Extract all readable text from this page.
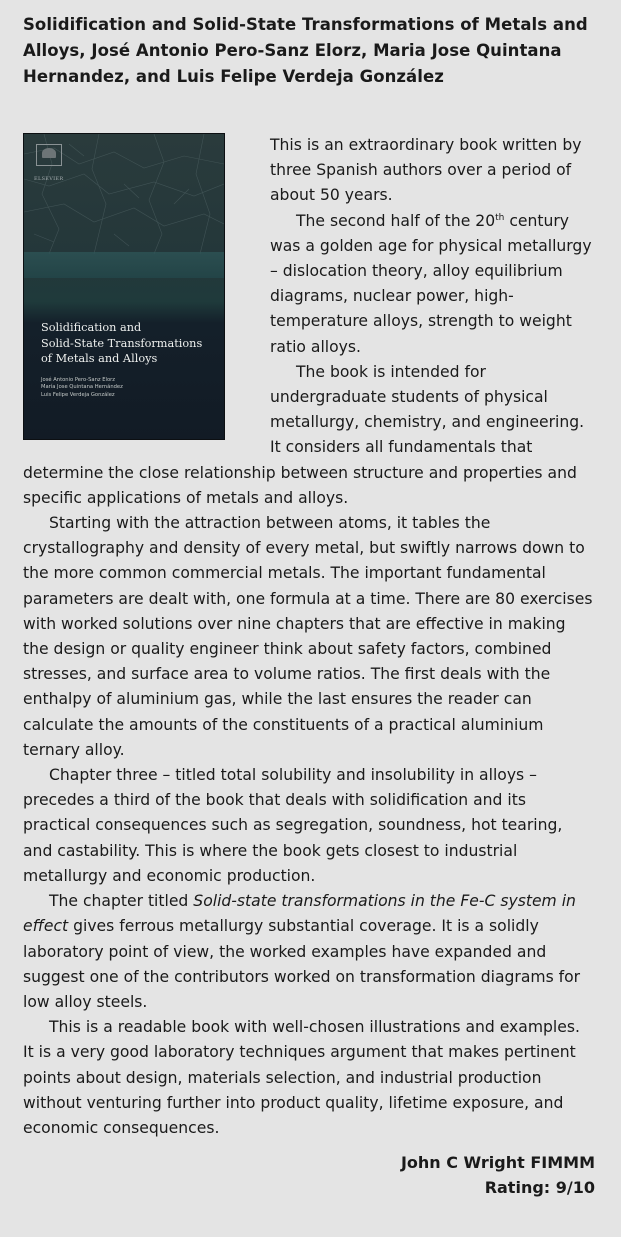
Solidification and Solid-State Transformations of Metals and Alloys, José Antonio Pero-Sanz Elorz, Maria Jose Quintana Hernandez, and Luis Felipe Verdeja González
ELSEVIER
Solidification and
Solid-State Transformations
of Metals and Alloys
José Antonio Pero-Sanz Elorz
María Jose Quintana Hernández
Luis Felipe Verdeja González

This is an extraordinary book written by three Spanish authors over a period of about 50 years.

The second half of the 20th century was a golden age for physical metallurgy – dislocation theory, alloy equilibrium diagrams, nuclear power, high-temperature alloys, strength to weight ratio alloys.

The book is intended for undergraduate students of physical metallurgy, chemistry, and engineering. It considers all fundamentals that determine the close relationship between structure and properties and specific applications of metals and alloys.

Starting with the attraction between atoms, it tables the crystallography and density of every metal, but swiftly narrows down to the more common commercial metals. The important fundamental parameters are dealt with, one formula at a time. There are 80 exercises with worked solutions over nine chapters that are effective in making the design or quality engineer think about safety factors, combined stresses, and surface area to volume ratios. The first deals with the enthalpy of aluminium gas, while the last ensures the reader can calculate the amounts of the constituents of a practical aluminium ternary alloy.

Chapter three – titled total solubility and insolubility in alloys – precedes a third of the book that deals with solidification and its practical consequences such as segregation, soundness, hot tearing, and castability. This is where the book gets closest to industrial metallurgy and economic production.

The chapter titled Solid-state transformations in the Fe-C system in effect gives ferrous metallurgy substantial coverage. It is a solidly laboratory point of view, the worked examples have expanded and suggest one of the contributors worked on transformation diagrams for low alloy steels.

This is a readable book with well-chosen illustrations and examples. It is a very good laboratory techniques argument that makes pertinent points about design, materials selection, and industrial production without venturing further into product quality, lifetime exposure, and economic consequences.

John C Wright FIMMM
Rating: 9/10
